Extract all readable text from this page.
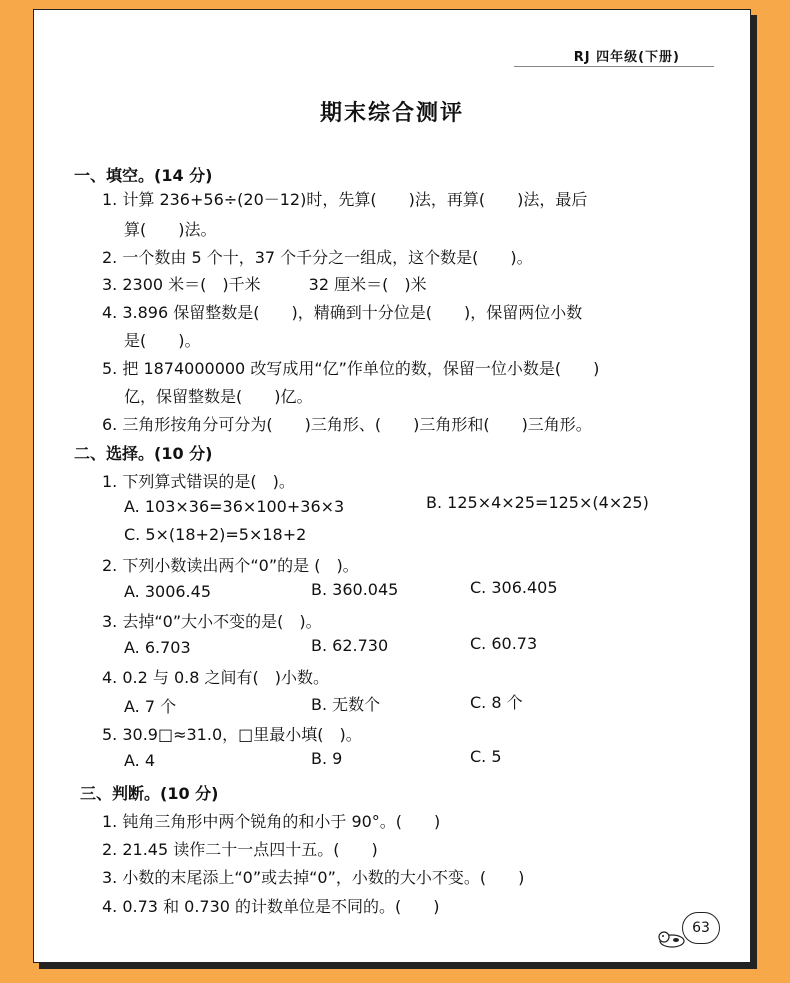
RJ 四年级(下册)
期末综合测评
一、填空。(14 分)
1. 计算 236+56÷(20－12)时，先算(　　)法，再算(　　)法，最后
算(　　)法。
2. 一个数由 5 个十，37 个千分之一组成，这个数是(　　)。
3. 2300 米＝(　)千米　　　32 厘米＝(　)米
4. 3.896 保留整数是(　　)，精确到十分位是(　　)，保留两位小数
是(　　)。
5. 把 1874000000 改写成用“亿”作单位的数，保留一位小数是(　　)
亿，保留整数是(　　)亿。
6. 三角形按角分可分为(　　)三角形、(　　)三角形和(　　)三角形。
二、选择。(10 分)
1. 下列算式错误的是(　)。
A. 103×36=36×100+36×3	B. 125×4×25=125×(4×25)
C. 5×(18+2)=5×18+2
2. 下列小数读出两个“0”的是 (　)。
A. 3006.45	B. 360.045	C. 306.405
3. 去掉“0”大小不变的是(　)。
A. 6.703	B. 62.730	C. 60.73
4. 0.2 与 0.8 之间有(　)小数。
A. 7 个	B. 无数个	C. 8 个
5. 30.9□≈31.0，□里最小填(　)。
A. 4	B. 9	C. 5
三、判断。(10 分)
1. 钝角三角形中两个锐角的和小于 90°。(　　)
2. 21.45 读作二十一点四十五。(　　)
3. 小数的末尾添上“0”或去掉“0”，小数的大小不变。(　　)
4. 0.73 和 0.730 的计数单位是不同的。(　　)
63
